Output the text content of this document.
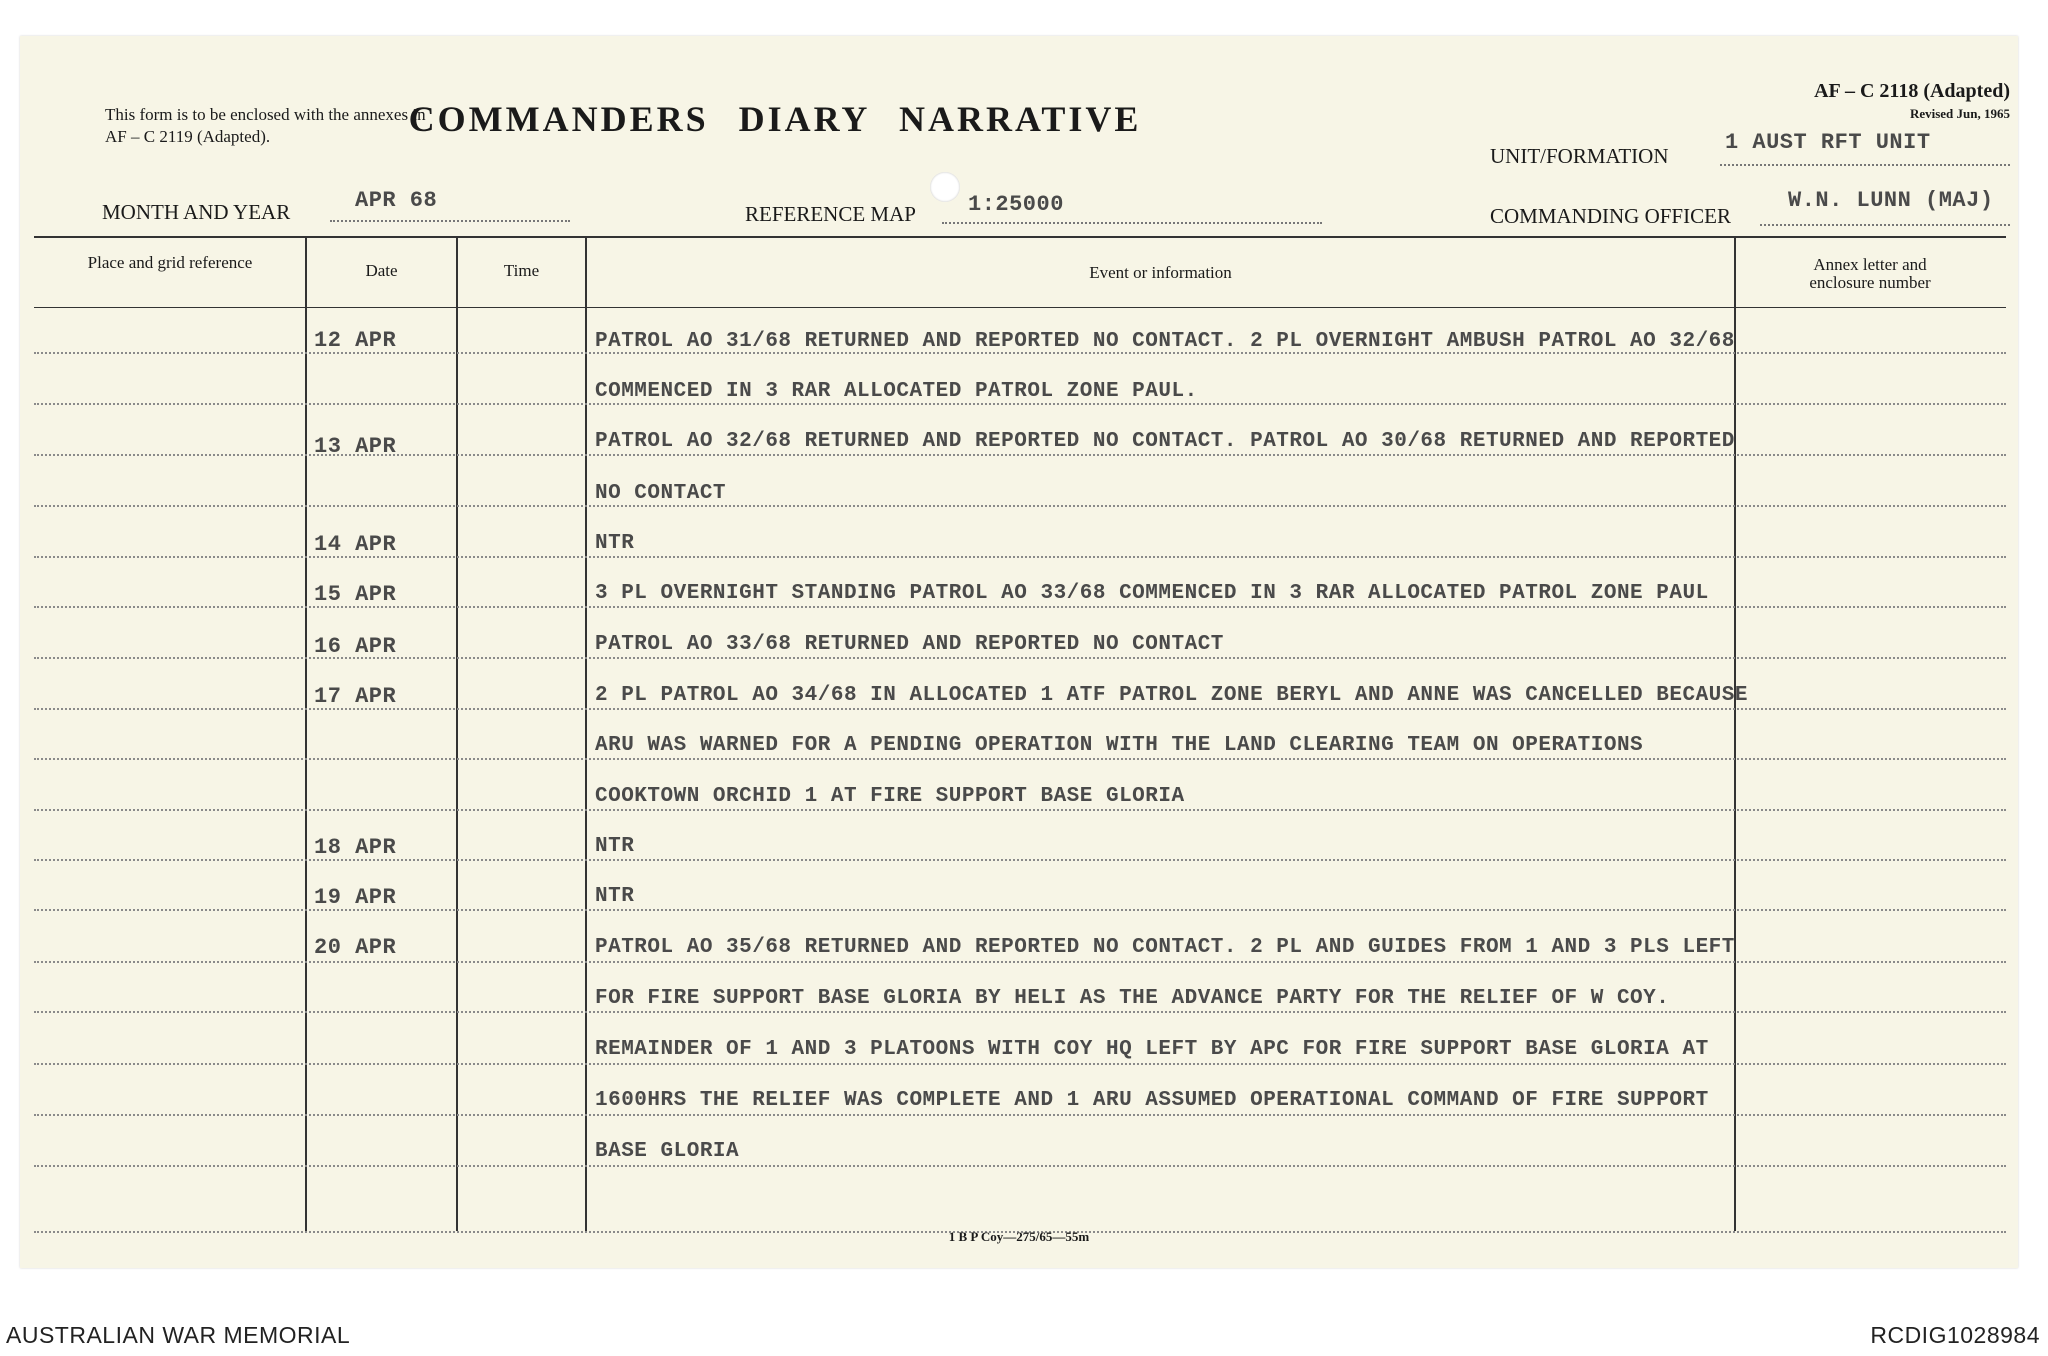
This form is to be enclosed with the annexes in AF – C 2119 (Adapted).	COMMANDERS DIARY NARRATIVE
AF – C 2118 (Adapted)
Revised Jun, 1965
UNIT/FORMATION
1 AUST RFT UNIT
MONTH AND YEAR	APR 68
REFERENCE MAP 1:25000	COMMANDING OFFICER
W.N. LUNN (MAJ)
Place and grid reference	Date	Time	Event or information	Annex letter and enclosure number
12 APR	PATROL AO 31/68 RETURNED AND REPORTED NO CONTACT. 2 PL OVERNIGHT AMBUSH PATROL AO 32/68
COMMENCED IN 3 RAR ALLOCATED PATROL ZONE PAUL.
13 APR	PATROL AO 32/68 RETURNED AND REPORTED NO CONTACT. PATROL AO 30/68 RETURNED AND REPORTED
NO CONTACT
14 APR	NTR
15 APR	3 PL OVERNIGHT STANDING PATROL AO 33/68 COMMENCED IN 3 RAR ALLOCATED PATROL ZONE PAUL
16 APR	PATROL AO 33/68 RETURNED AND REPORTED NO CONTACT
17 APR	2 PL PATROL AO 34/68 IN ALLOCATED 1 ATF PATROL ZONE BERYL AND ANNE WAS CANCELLED BECAUSE
ARU WAS WARNED FOR A PENDING OPERATION WITH THE LAND CLEARING TEAM ON OPERATIONS
COOKTOWN ORCHID 1 AT FIRE SUPPORT BASE GLORIA
18 APR	NTR
19 APR	NTR
20 APR	PATROL AO 35/68 RETURNED AND REPORTED NO CONTACT. 2 PL AND GUIDES FROM 1 AND 3 PLS LEFT
FOR FIRE SUPPORT BASE GLORIA BY HELI AS THE ADVANCE PARTY FOR THE RELIEF OF W COY.
REMAINDER OF 1 AND 3 PLATOONS WITH COY HQ LEFT BY APC FOR FIRE SUPPORT BASE GLORIA AT
1600HRS THE RELIEF WAS COMPLETE AND 1 ARU ASSUMED OPERATIONAL COMMAND OF FIRE SUPPORT
BASE GLORIA
1 B P Coy—275/65—55m
AUSTRALIAN WAR MEMORIAL	RCDIG1028984
